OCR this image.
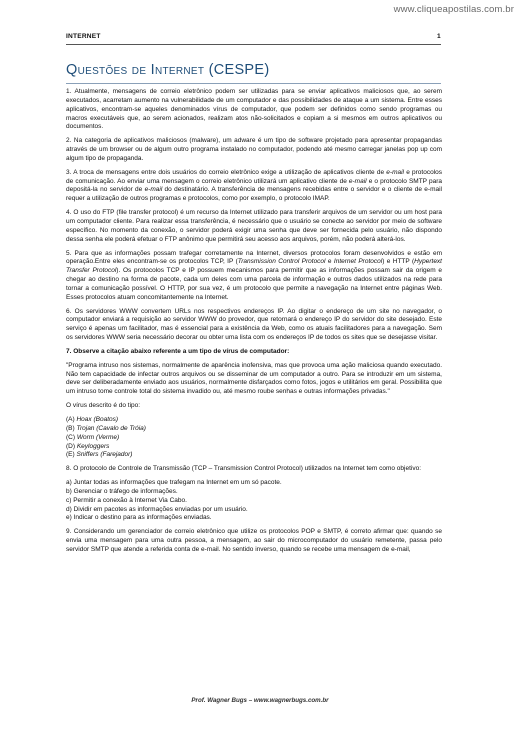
www.cliqueapostilas.com.br
INTERNET	1
Questões de Internet (CESPE)

1. Atualmente, mensagens de correio eletrônico podem ser utilizadas para se enviar aplicativos maliciosos que, ao serem executados, acarretam aumento na vulnerabilidade de um computador e das possibilidades de ataque a um sistema. Entre esses aplicativos, encontram-se aqueles denominados vírus de computador, que podem ser definidos como sendo programas ou macros executáveis que, ao serem acionados, realizam atos não-solicitados e copiam a si mesmos em outros aplicativos ou documentos.

2. Na categoria de aplicativos maliciosos (malware), um adware é um tipo de software projetado para apresentar propagandas através de um browser ou de algum outro programa instalado no computador, podendo até mesmo carregar janelas pop up com algum tipo de propaganda.

3. A troca de mensagens entre dois usuários do correio eletrônico exige a utilização de aplicativos cliente de e-mail e protocolos de comunicação. Ao enviar uma mensagem o correio eletrônico utilizará um aplicativo cliente de e-mail e o protocolo SMTP para depositá-la no servidor de e-mail do destinatário. A transferência de mensagens recebidas entre o servidor e o cliente de e-mail requer a utilização de outros programas e protocolos, como por exemplo, o protocolo IMAP.

4. O uso do FTP (file transfer protocol) é um recurso da Internet utilizado para transferir arquivos de um servidor ou um host para um computador cliente. Para realizar essa transferência, é necessário que o usuário se conecte ao servidor por meio de software específico. No momento da conexão, o servidor poderá exigir uma senha que deve ser fornecida pelo usuário, não dispondo dessa senha ele poderá efetuar o FTP anônimo que permitirá seu acesso aos arquivos, porém, não poderá alterá-los.

5. Para que as informações possam trafegar corretamente na Internet, diversos protocolos foram desenvolvidos e estão em operação.Entre eles encontram-se os protocolos TCP, IP (Transmission Control Protocol e Internet Protocol) e HTTP (Hypertext Transfer Protocol). Os protocolos TCP e IP possuem mecanismos para permitir que as informações possam sair da origem e chegar ao destino na forma de pacote, cada um deles com uma parcela de informação e outros dados utilizados na rede para tornar a comunicação possível. O HTTP, por sua vez, é um protocolo que permite a navegação na Internet entre páginas Web. Esses protocolos atuam concomitantemente na Internet.

6. Os servidores WWW convertem URLs nos respectivos endereços IP. Ao digitar o endereço de um site no navegador, o computador enviará a requisição ao servidor WWW do provedor, que retornará o endereço IP do servidor do site desejado. Este serviço é apenas um facilitador, mas é essencial para a existência da Web, como os atuais facilitadores para a navegação. Sem os servidores WWW seria necessário decorar ou obter uma lista com os endereços IP de todos os sites que se desejasse visitar.

7. Observe a citação abaixo referente a um tipo de vírus de computador:

"Programa intruso nos sistemas, normalmente de aparência inofensiva, mas que provoca uma ação maliciosa quando executado. Não tem capacidade de infectar outros arquivos ou se disseminar de um computador a outro. Para se introduzir em um sistema, deve ser deliberadamente enviado aos usuários, normalmente disfarçados como fotos, jogos e utilitários em geral. Possibilita que um intruso tome controle total do sistema invadido ou, até mesmo roube senhas e outras informações privadas."

O vírus descrito é do tipo:

(A) Hoax (Boatos)
(B) Trojan (Cavalo de Tróia)
(C) Worm (Verme)
(D) Keyloggers
(E) Sniffers (Farejador)

8. O protocolo de Controle de Transmissão (TCP – Transmission Control Protocol) utilizados na Internet tem como objetivo:

a) Juntar todas as informações que trafegam na Internet em um só pacote.
b) Gerenciar o tráfego de informações.
c) Permitir a conexão à Internet Via Cabo.
d) Dividir em pacotes as informações enviadas por um usuário.
e) Indicar o destino para as informações enviadas.

9. Considerando um gerenciador de correio eletrônico que utilize os protocolos POP e SMTP, é correto afirmar que: quando se envia uma mensagem para uma outra pessoa, a mensagem, ao sair do microcomputador do usuário remetente, passa pelo servidor SMTP que atende a referida conta de e-mail. No sentido inverso, quando se recebe uma mensagem de e-mail,

Prof. Wagner Bugs – www.wagnerbugs.com.br
